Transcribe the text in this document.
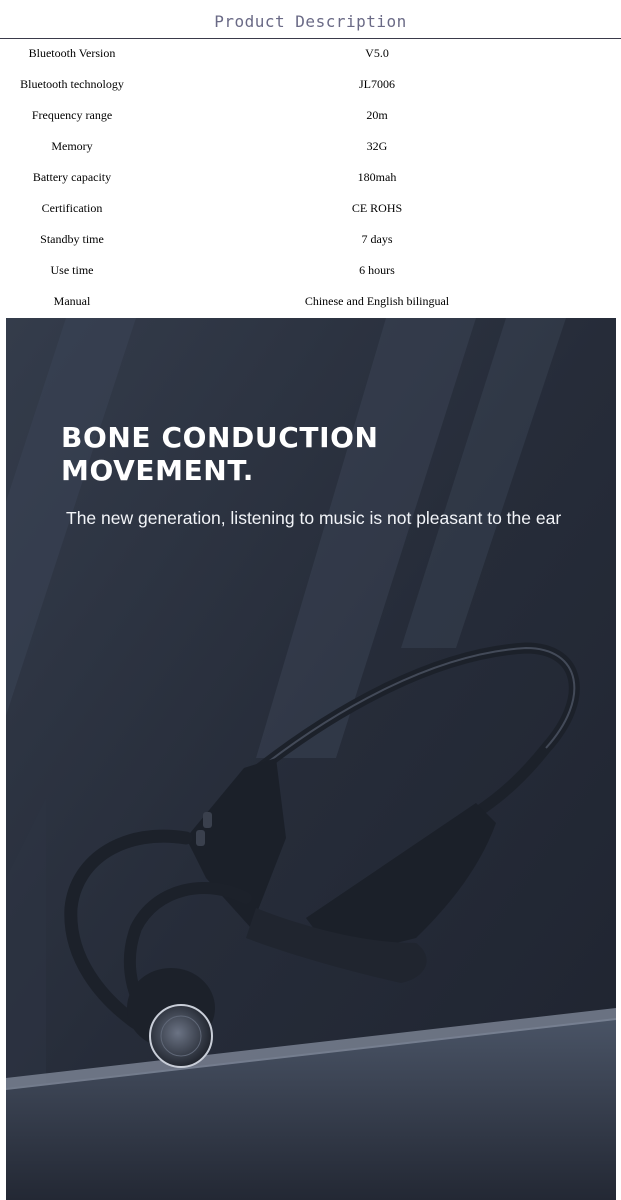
Product Description
Bluetooth Version	V5.0
Bluetooth technology	JL7006
Frequency range	20m
Memory	32G
Battery capacity	180mah
Certification	CE ROHS
Standby time	7 days
Use time	6 hours
Manual	Chinese and English bilingual
BONE CONDUCTION
MOVEMENT.
The new generation, listening to music is not pleasant to the ear
